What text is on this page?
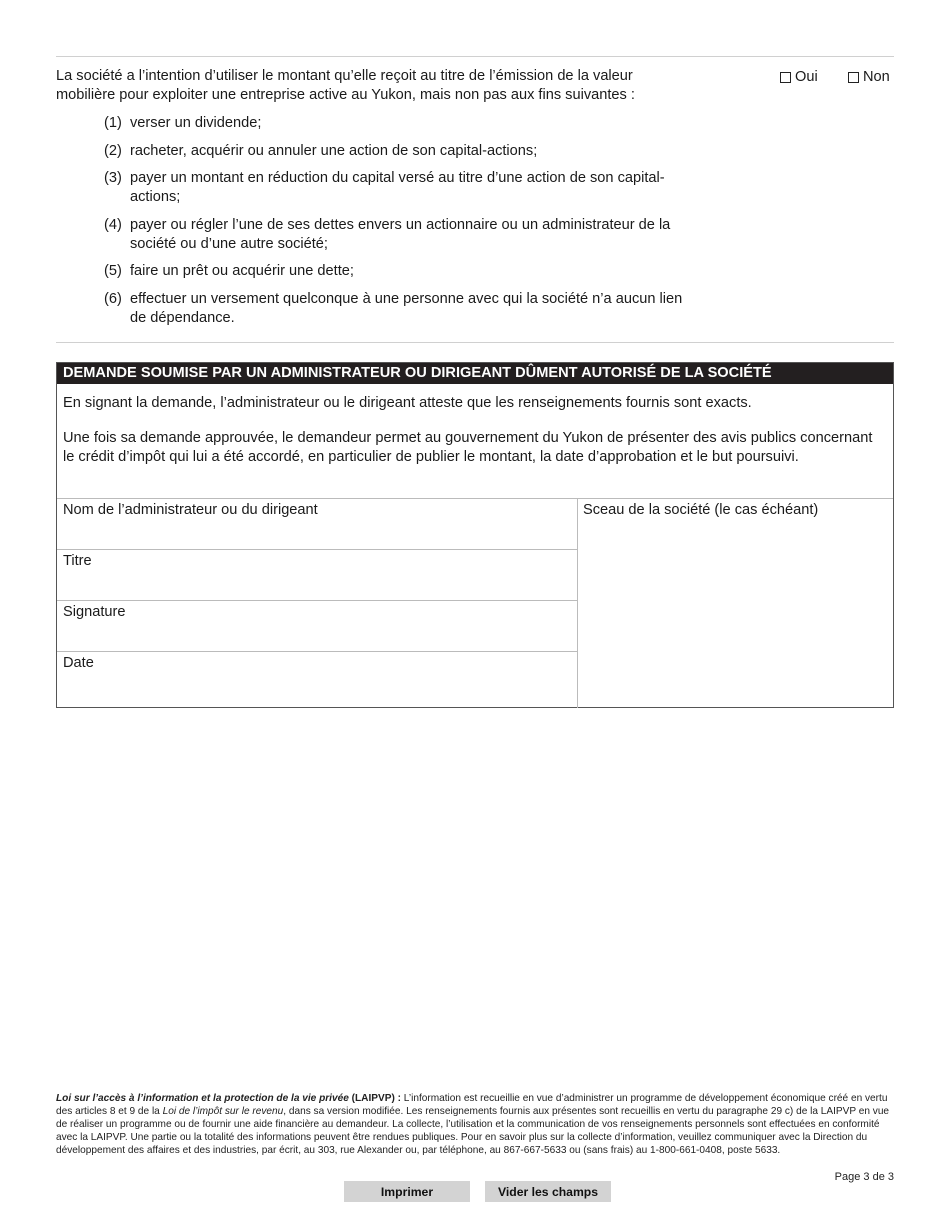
La société a l’intention d’utiliser le montant qu’elle reçoit au titre de l’émission de la valeur mobilière pour exploiter une entreprise active au Yukon, mais non pas aux fins suivantes :
Oui	Non
(1) verser un dividende;
(2) racheter, acquérir ou annuler une action de son capital-actions;
(3) payer un montant en réduction du capital versé au titre d’une action de son capital-actions;
(4) payer ou régler l’une de ses dettes envers un actionnaire ou un administrateur de la société ou d’une autre société;
(5) faire un prêt ou acquérir une dette;
(6) effectuer un versement quelconque à une personne avec qui la société n’a aucun lien de dépendance.
DEMANDE SOUMISE PAR UN ADMINISTRATEUR OU DIRIGEANT DÛMENT AUTORISÉ DE LA SOCIÉTÉ

En signant la demande, l’administrateur ou le dirigeant atteste que les renseignements fournis sont exacts.

Une fois sa demande approuvée, le demandeur permet au gouvernement du Yukon de présenter des avis publics concernant le crédit d’impôt qui lui a été accordé, en particulier de publier le montant, la date d’approbation et le but poursuivi.

Nom de l’administrateur ou du dirigeant
Titre
Signature
Date
Sceau de la société (le cas échéant)
Loi sur l’accès à l’information et la protection de la vie privée (LAIPVP) : L’information est recueillie en vue d’administrer un programme de développement économique créé en vertu des articles 8 et 9 de la Loi de l’impôt sur le revenu, dans sa version modifiée. Les renseignements fournis aux présentes sont recueillis en vertu du paragraphe 29 c) de la LAIPVP en vue de réaliser un programme ou de fournir une aide financière au demandeur. La collecte, l’utilisation et la communication de vos renseignements personnels sont effectuées en conformité avec la LAIPVP. Une partie ou la totalité des informations peuvent être rendues publiques. Pour en savoir plus sur la collecte d’information, veuillez communiquer avec la Direction du développement des affaires et des industries, par écrit, au 303, rue Alexander ou, par téléphone, au 867-667-5633 ou (sans frais) au 1-800-661-0408, poste 5633.
Page 3 de 3
Imprimer	Vider les champs
